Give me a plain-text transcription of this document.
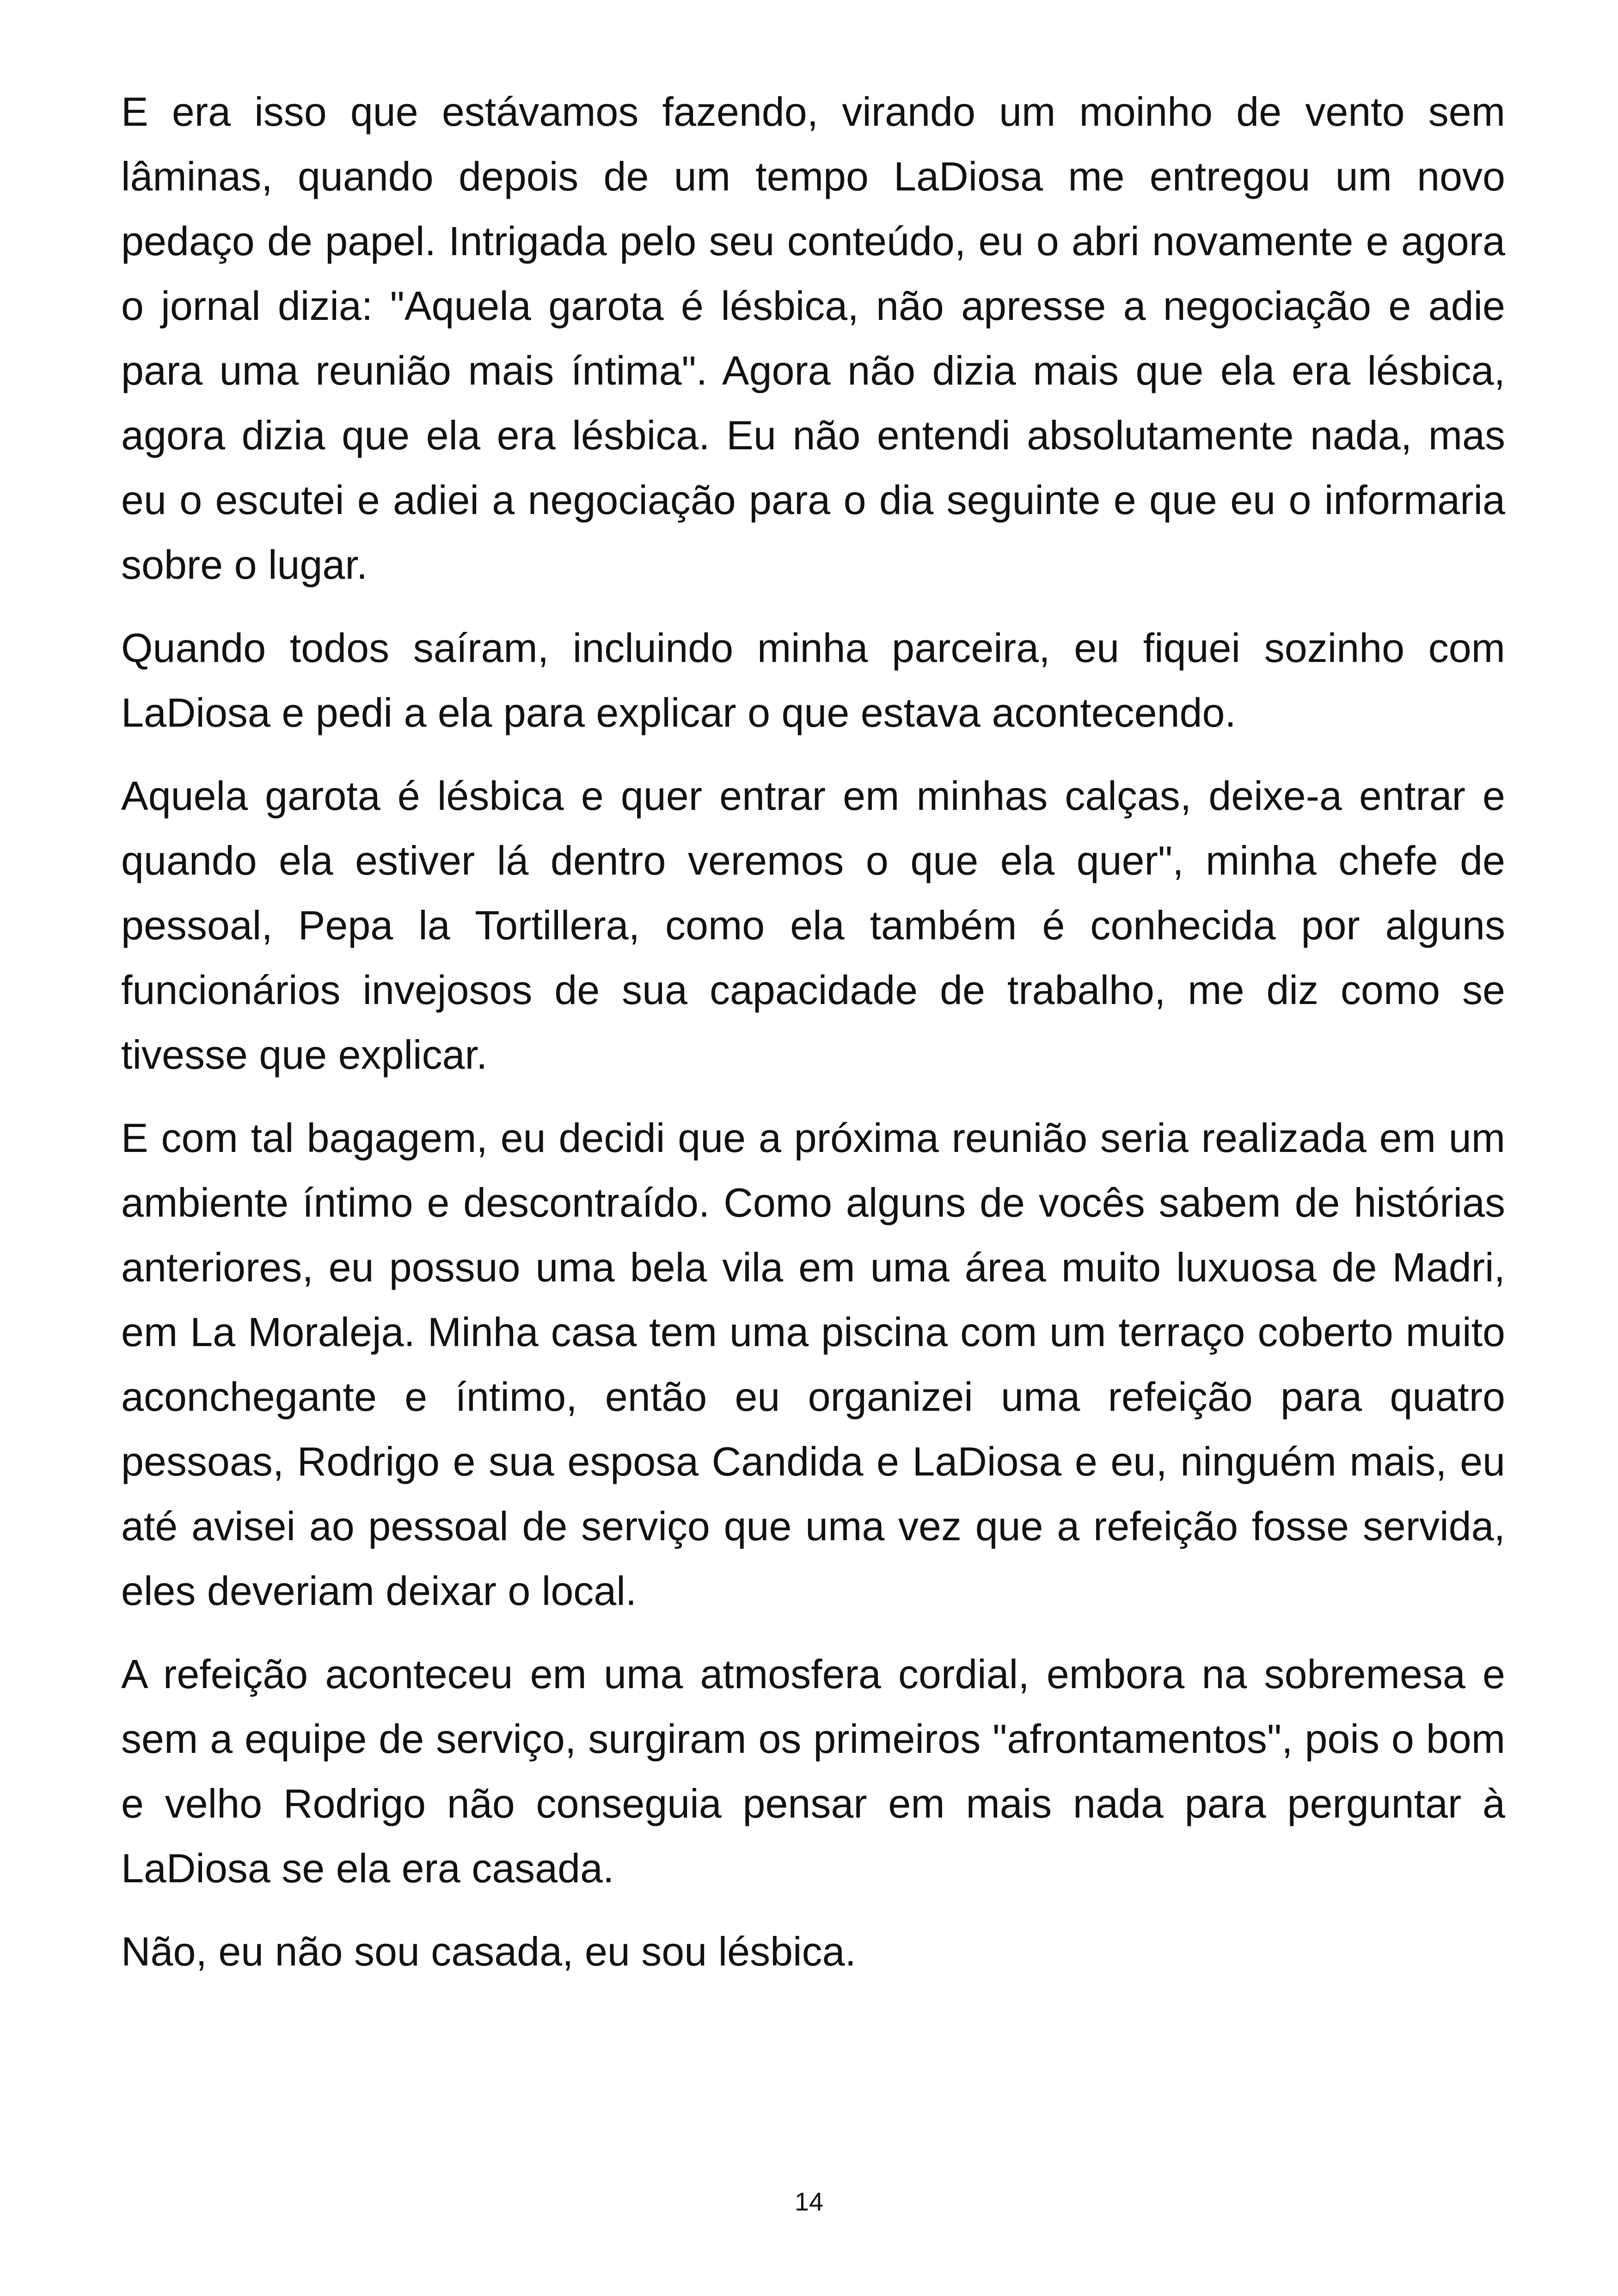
E era isso que estávamos fazendo, virando um moinho de vento sem lâminas, quando depois de um tempo LaDiosa me entregou um novo pedaço de papel. Intrigada pelo seu conteúdo, eu o abri novamente e agora o jornal dizia: "Aquela garota é lésbica, não apresse a negociação e adie para uma reunião mais íntima". Agora não dizia mais que ela era lésbica, agora dizia que ela era lésbica. Eu não entendi absolutamente nada, mas eu o escutei e adiei a negociação para o dia seguinte e que eu o informaria sobre o lugar.

Quando todos saíram, incluindo minha parceira, eu fiquei sozinho com LaDiosa e pedi a ela para explicar o que estava acontecendo.

Aquela garota é lésbica e quer entrar em minhas calças, deixe-a entrar e quando ela estiver lá dentro veremos o que ela quer", minha chefe de pessoal, Pepa la Tortillera, como ela também é conhecida por alguns funcionários invejosos de sua capacidade de trabalho, me diz como se tivesse que explicar.

E com tal bagagem, eu decidi que a próxima reunião seria realizada em um ambiente íntimo e descontraído. Como alguns de vocês sabem de histórias anteriores, eu possuo uma bela vila em uma área muito luxuosa de Madri, em La Moraleja. Minha casa tem uma piscina com um terraço coberto muito aconchegante e íntimo, então eu organizei uma refeição para quatro pessoas, Rodrigo e sua esposa Candida e LaDiosa e eu, ninguém mais, eu até avisei ao pessoal de serviço que uma vez que a refeição fosse servida, eles deveriam deixar o local.

A refeição aconteceu em uma atmosfera cordial, embora na sobremesa e sem a equipe de serviço, surgiram os primeiros "afrontamentos", pois o bom e velho Rodrigo não conseguia pensar em mais nada para perguntar à LaDiosa se ela era casada.

Não, eu não sou casada, eu sou lésbica.

14
